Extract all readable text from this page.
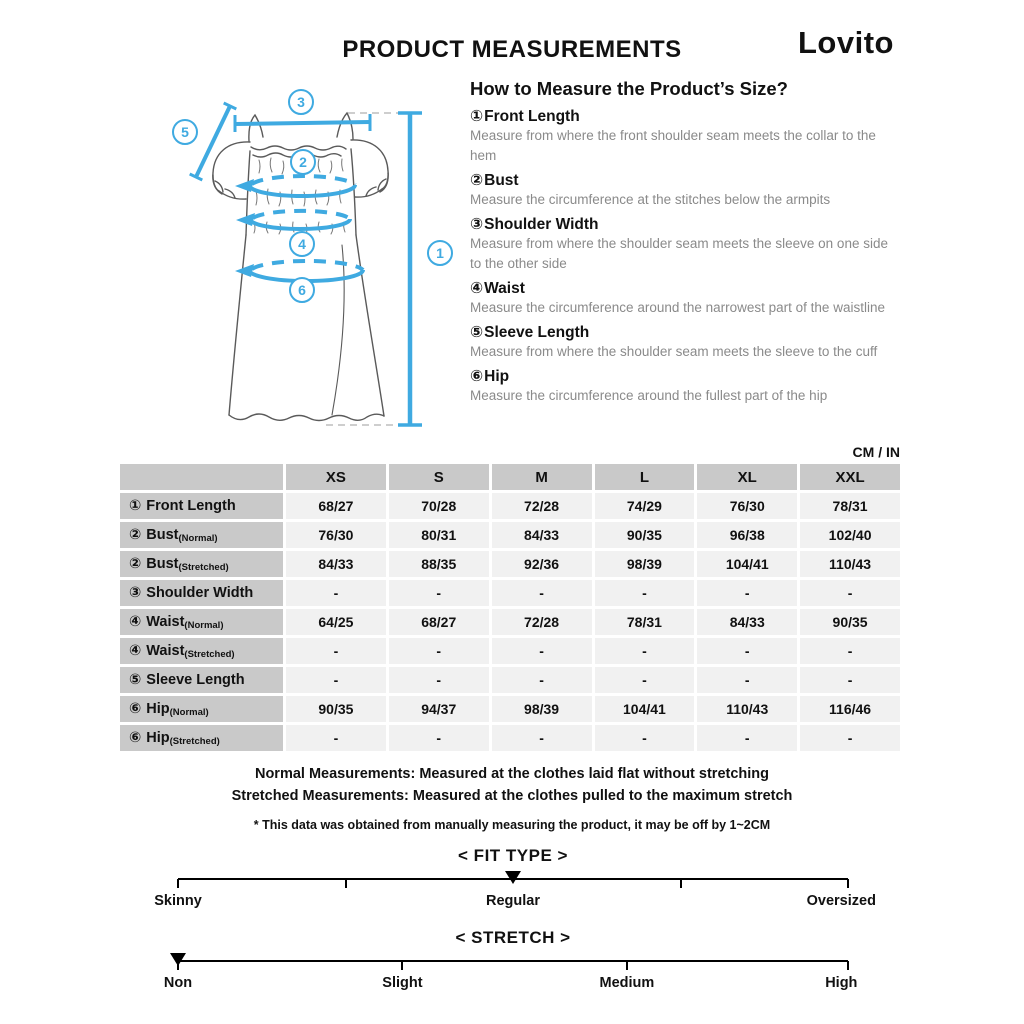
PRODUCT MEASUREMENTS	Lovito
3
5
2
4
6
1
How to Measure the Product’s Size?
①Front Length
Measure from where the front shoulder seam meets the collar to the hem
②Bust
Measure the circumference at the stitches below the armpits
③Shoulder Width
Measure from where the shoulder seam meets the sleeve on one side to the other side
④Waist
Measure the circumference around the narrowest part of the waistline
⑤Sleeve Length
Measure from where the shoulder seam meets the sleeve to the cuff
⑥Hip
Measure the circumference around the fullest part of the hip
CM / IN
XS	S	M	L	XL	XXL
① Front Length	68/27	70/28	72/28	74/29	76/30	78/31
② Bust (Normal)	76/30	80/31	84/33	90/35	96/38	102/40
② Bust (Stretched)	84/33	88/35	92/36	98/39	104/41	110/43
③ Shoulder Width	-	-	-	-	-	-
④ Waist (Normal)	64/25	68/27	72/28	78/31	84/33	90/35
④ Waist (Stretched)	-	-	-	-	-	-
⑤ Sleeve Length	-	-	-	-	-	-
⑥ Hip (Normal)	90/35	94/37	98/39	104/41	110/43	116/46
⑥ Hip (Stretched)	-	-	-	-	-	-
Normal Measurements: Measured at the clothes laid flat without stretching
Stretched Measurements: Measured at the clothes pulled to the maximum stretch
* This data was obtained from manually measuring the product, it may be off by 1~2CM
< FIT TYPE >
Skinny	Regular	Oversized
< STRETCH >
Non	Slight	Medium	High
